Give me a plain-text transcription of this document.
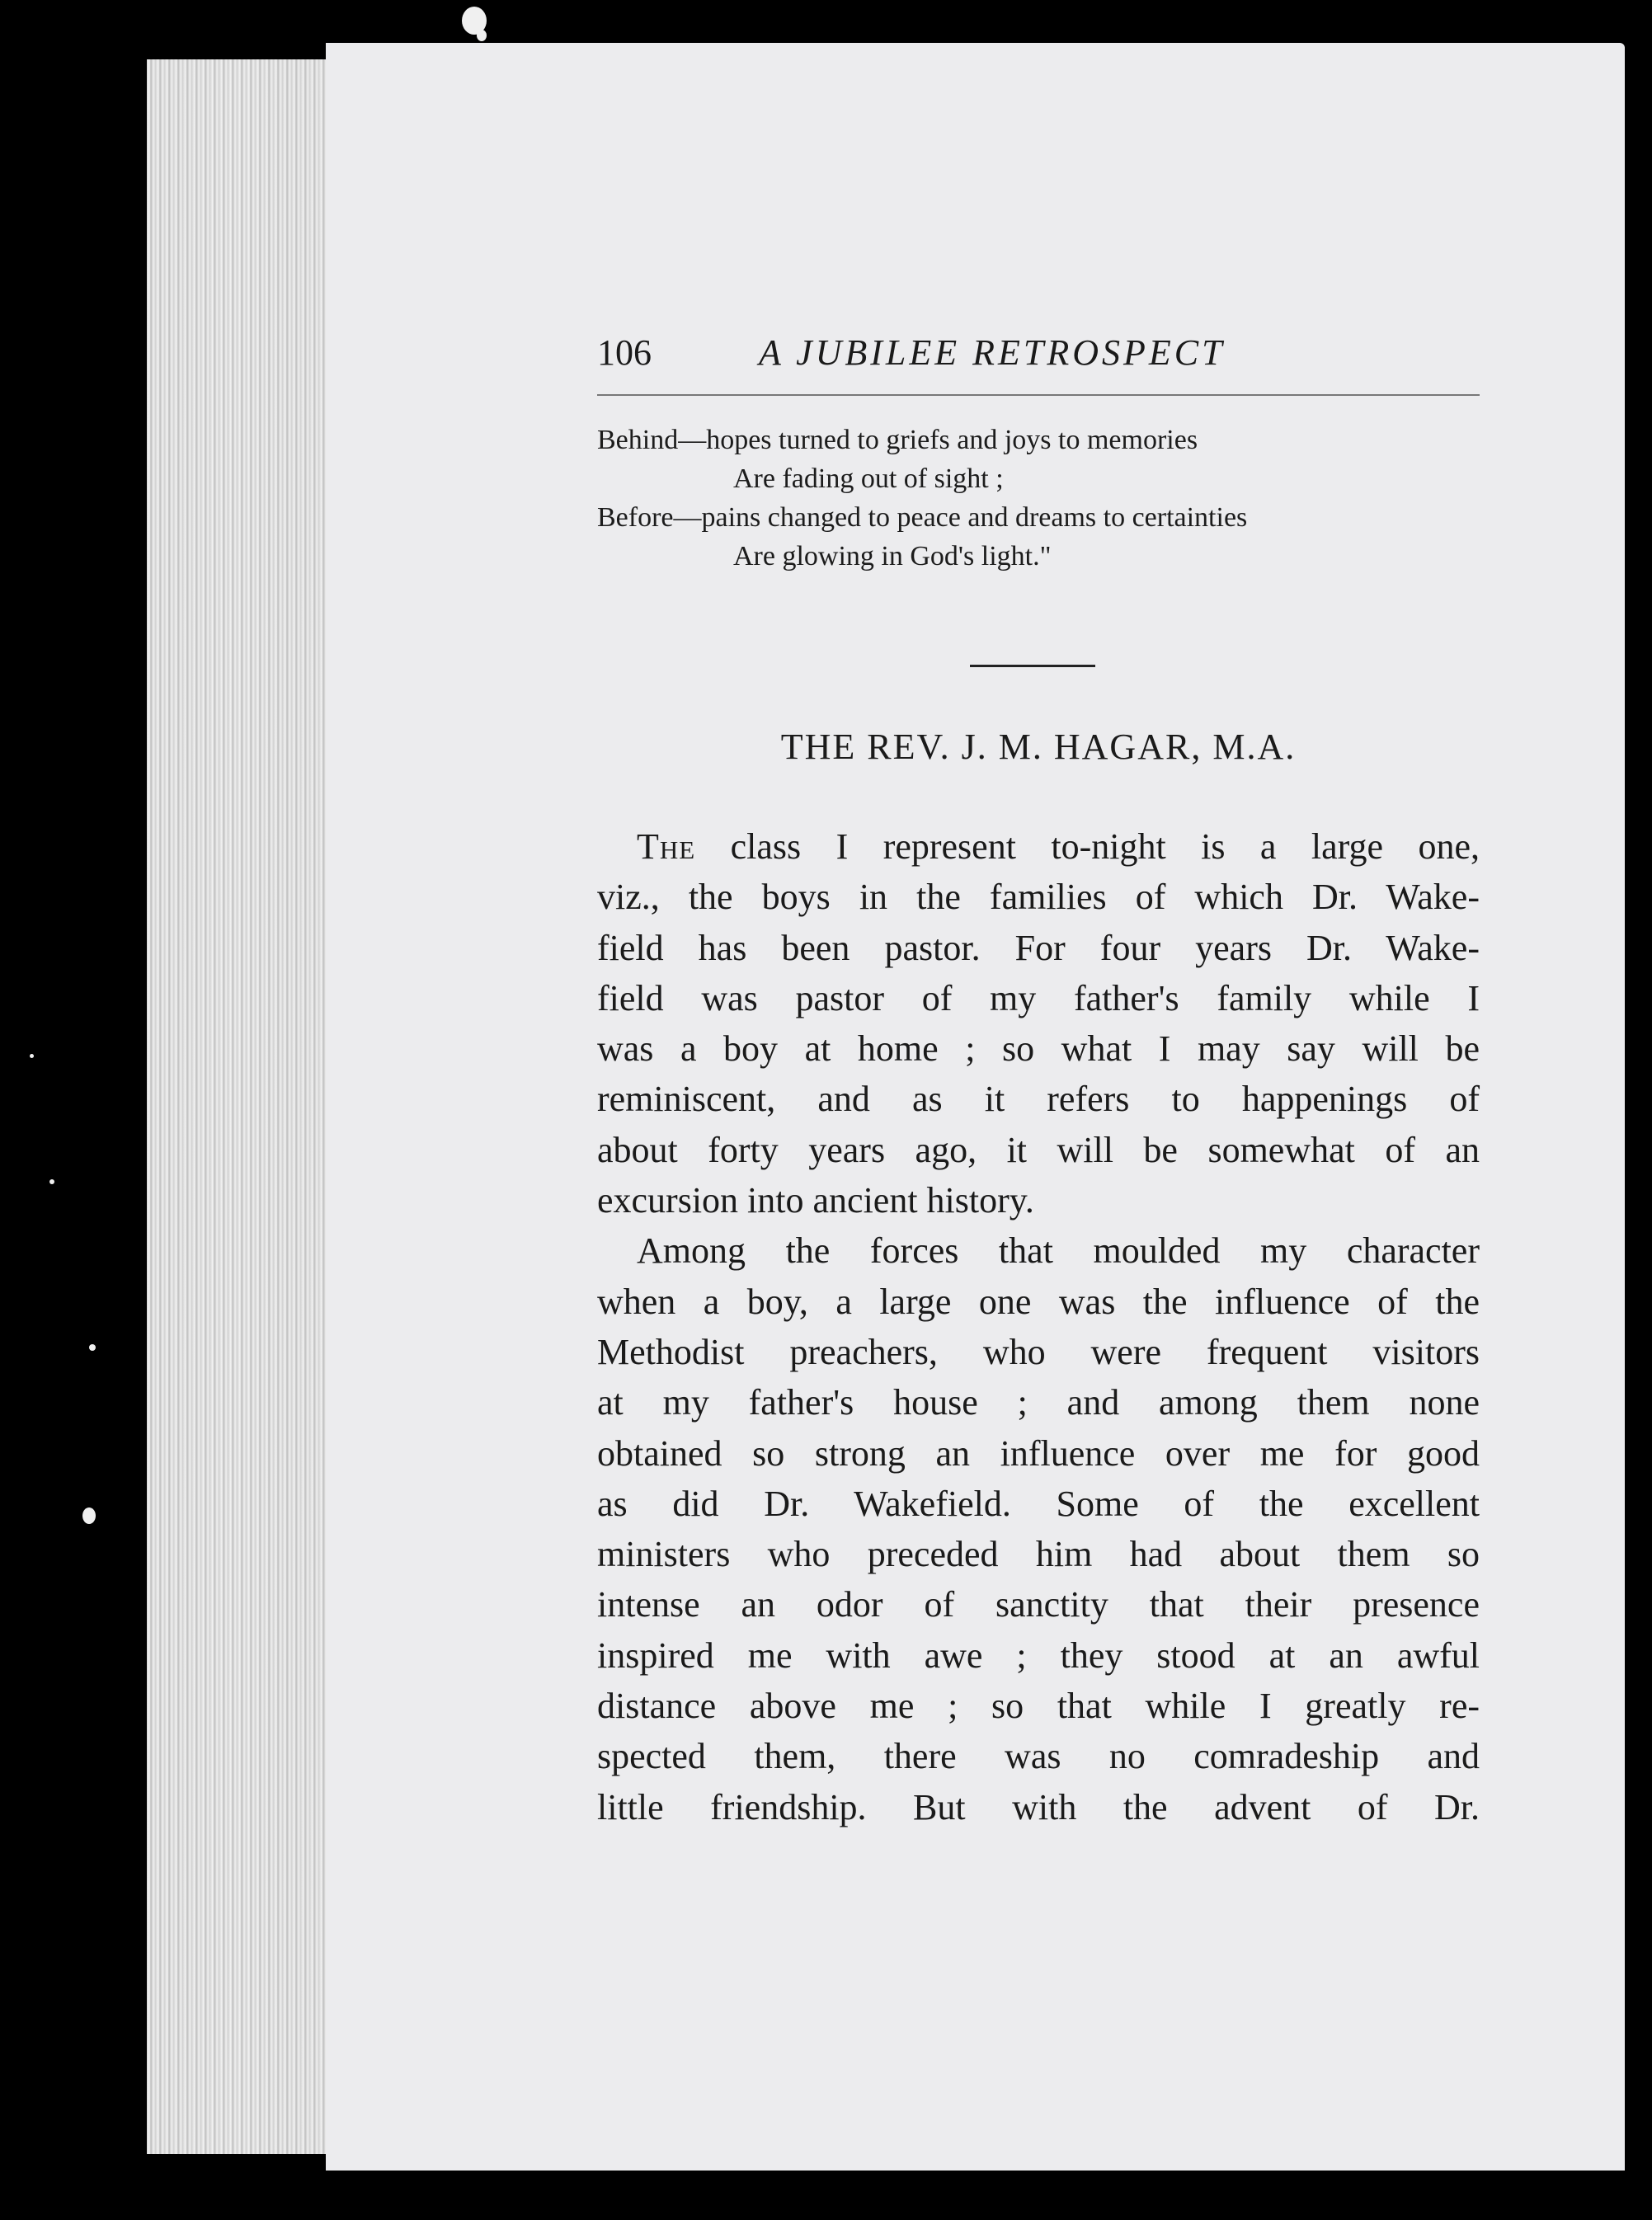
106	A JUBILEE RETROSPECT
Behind—hopes turned to griefs and joys to memories
Are fading out of sight ;
Before—pains changed to peace and dreams to certainties
Are glowing in God's light."
THE REV. J. M. HAGAR, M.A.
The class I represent to-night is a large one,
viz., the boys in the families of which Dr. Wake-
field has been pastor. For four years Dr. Wake-
field was pastor of my father's family while I
was a boy at home ; so what I may say will be
reminiscent, and as it refers to happenings of
about forty years ago, it will be somewhat of an
excursion into ancient history.
Among the forces that moulded my character
when a boy, a large one was the influence of the
Methodist preachers, who were frequent visitors
at my father's house ; and among them none
obtained so strong an influence over me for good
as did Dr. Wakefield. Some of the excellent
ministers who preceded him had about them so
intense an odor of sanctity that their presence
inspired me with awe ; they stood at an awful
distance above me ; so that while I greatly re-
spected them, there was no comradeship and
little friendship. But with the advent of Dr.
